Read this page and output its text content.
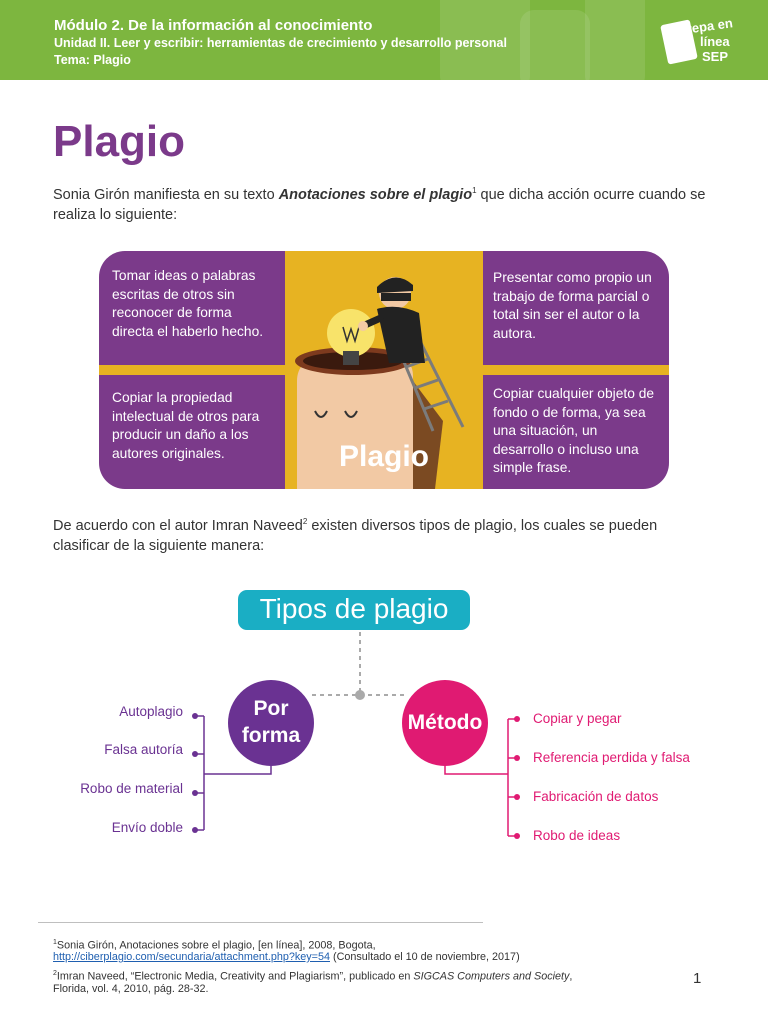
Módulo 2. De la información al conocimiento
Unidad II. Leer y escribir: herramientas de crecimiento y desarrollo personal
Tema: Plagio
Prepa en
línea
SEP
Plagio
Sonia Girón manifiesta en su texto Anotaciones sobre el plagio$^1$ que dicha acción ocurre cuando se realiza lo siguiente:
Tomar ideas o palabras escritas de otros sin reconocer de forma directa el haberlo hecho.
Copiar la propiedad intelectual de otros para producir un daño a los autores originales.
Presentar como propio un trabajo de forma parcial o total sin ser el autor o la autora.
Copiar cualquier objeto de fondo o de forma, ya sea una situación, un desarrollo o incluso una simple frase.
Plagio
De acuerdo con el autor Imran Naveed$^2$ existen diversos tipos de plagio, los cuales se pueden clasificar de la siguiente manera:
Tipos de plagio
Por
forma
Método
Autoplagio
Falsa autoría
Robo de material
Envío doble
Copiar y pegar
Referencia perdida y falsa
Fabricación de datos
Robo de ideas
$^1$Sonia Girón, Anotaciones sobre el plagio, [en línea], 2008, Bogota,
http://ciberplagio.com/secundaria/attachment.php?key=54 (Consultado el 10 de noviembre, 2017)
$^2$Imran Naveed, “Electronic Media, Creativity and Plagiarism”, publicado en SIGCAS Computers and Society,
Florida, vol. 4, 2010, pág. 28-32.
1
